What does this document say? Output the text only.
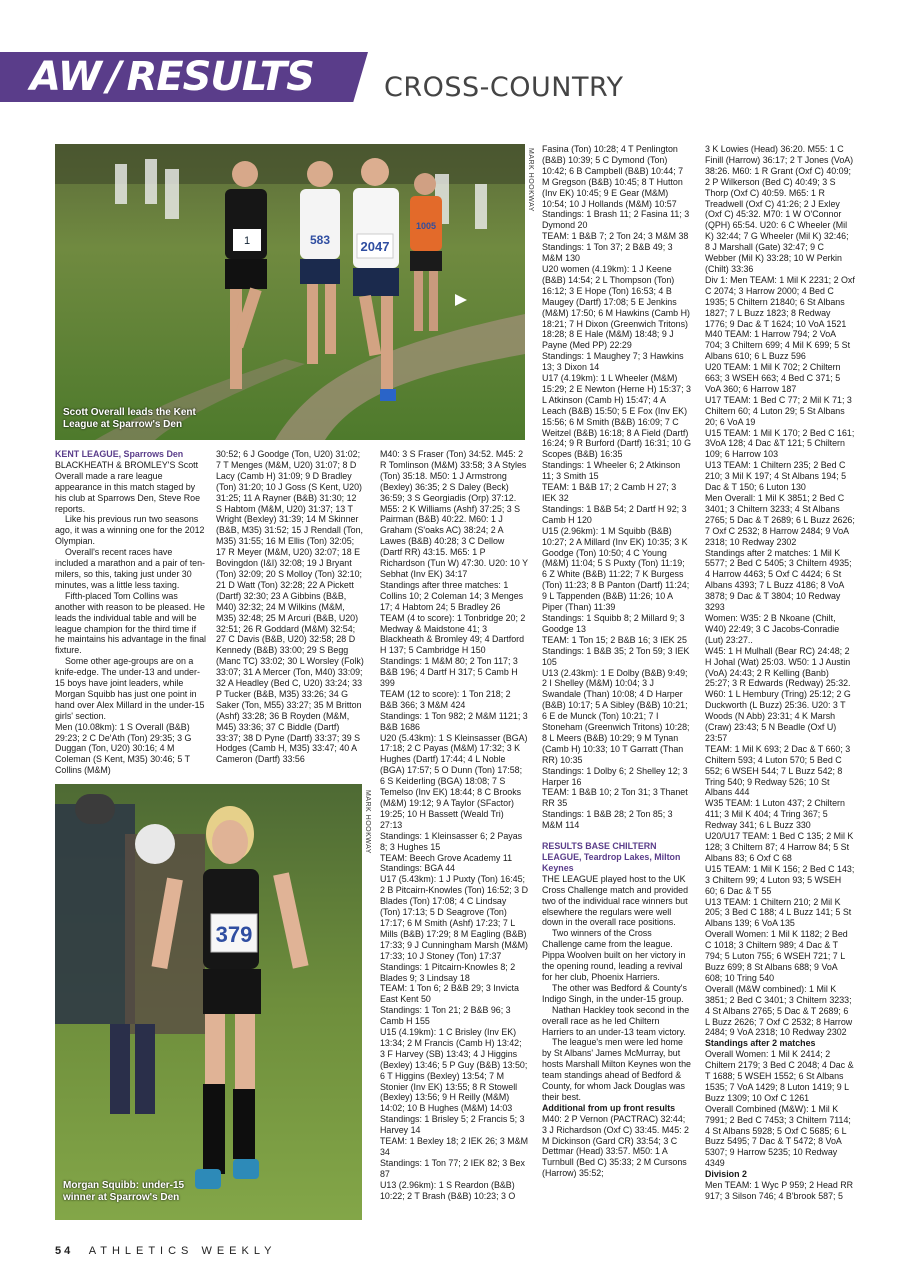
AW / RESULTS	CROSS-COUNTRY
1	583 2047
1005
Scott Overall leads the Kent League at Sparrow's Den
MARK HOOKWAY
379
Morgan Squibb: under-15 winner at Sparrow's Den
MARK HOOKWAY

KENT LEAGUE, Sparrows Den

BLACKHEATH & BROMLEY'S Scott Overall made a rare league appearance in this match staged by his club at Sparrows Den, Steve Roe reports.

Like his previous run two seasons ago, it was a winning one for the 2012 Olympian.

Overall's recent races have included a marathon and a pair of ten-milers, so this, taking just under 30 minutes, was a little less taxing.

Fifth-placed Tom Collins was another with reason to be pleased. He leads the individual table and will be league champion for the third time if he maintains his advantage in the final fixture.

Some other age-groups are on a knife-edge. The under-13 and under-15 boys have joint leaders, while Morgan Squibb has just one point in hand over Alex Millard in the under-15 girls' section.

Men (10.08km): 1 S Overall (B&B) 29:23; 2 C De'Ath (Ton) 29:35; 3 G Duggan (Ton, U20) 30:16; 4 M Coleman (S Kent, M35) 30:46; 5 T Collins (M&M)

30:52; 6 J Goodge (Ton, U20) 31:02; 7 T Menges (M&M, U20) 31:07; 8 D Lacy (Camb H) 31:09; 9 D Bradley (Ton) 31:20; 10 J Goss (S Kent, U20) 31:25; 11 A Rayner (B&B) 31:30; 12 S Habtom (M&M, U20) 31:37; 13 T Wright (Bexley) 31:39; 14 M Skinner (B&B, M35) 31:52; 15 J Rendall (Ton, M35) 31:55; 16 M Ellis (Ton) 32:05; 17 R Meyer (M&M, U20) 32:07; 18 E Bovingdon (I&I) 32:08; 19 J Bryant (Ton) 32:09; 20 S Molloy (Ton) 32:10; 21 D Watt (Ton) 32:28; 22 A Pickett (Dartf) 32:30; 23 A Gibbins (B&B, M40) 32:32; 24 M Wilkins (M&M, M35) 32:48; 25 M Arcuri (B&B, U20) 32:51; 26 R Goddard (M&M) 32:54; 27 C Davis (B&B, U20) 32:58; 28 D Kennedy (B&B) 33:00; 29 S Begg (Manc TC) 33:02; 30 L Worsley (Folk) 33:07; 31 A Mercer (Ton, M40) 33:09; 32 A Headley (Bed C, U20) 33:24; 33 P Tucker (B&B, M35) 33:26; 34 G Saker (Ton, M55) 33:27; 35 M Britton (Ashf) 33:28; 36 B Royden (M&M, M45) 33:36; 37 C Biddle (Dartf) 33:37; 38 D Pyne (Dartf) 33:37; 39 S Hodges (Camb H, M35) 33:47; 40 A Cameron (Dartf) 33:56

M40: 3 S Fraser (Ton) 34:52. M45: 2 R Tomlinson (M&M) 33:58; 3 A Styles (Ton) 35:18. M50: 1 J Armstrong (Bexley) 36:35; 2 S Daley (Beck) 36:59; 3 S Georgiadis (Orp) 37:12. M55: 2 K Williams (Ashf) 37:25; 3 S Pairman (B&B) 40:22. M60: 1 J Graham (S'oaks AC) 38:24; 2 A Lawes (B&B) 40:28; 3 C Dellow (Dartf RR) 43:15. M65: 1 P Richardson (Tun W) 47:30. U20: 10 Y Sebhat (Inv EK) 34:17

Standings after three matches: 1 Collins 10; 2 Coleman 14; 3 Menges 17; 4 Habtom 24; 5 Bradley 26

TEAM (4 to score): 1 Tonbridge 20; 2 Medway & Maidstone 41; 3 Blackheath & Bromley 49; 4 Dartford H 137; 5 Cambridge H 150

Standings: 1 M&M 80; 2 Ton 117; 3 B&B 196; 4 Dartf H 317; 5 Camb H 399

TEAM (12 to score): 1 Ton 218; 2 B&B 366; 3 M&M 424

Standings: 1 Ton 982; 2 M&M 1121; 3 B&B 1686

U20 (5.43km): 1 S Kleinsasser (BGA) 17:18; 2 C Payas (M&M) 17:32; 3 K Hughes (Dartf) 17:44; 4 L Noble (BGA) 17:57; 5 O Dunn (Ton) 17:58; 6 S Keiderling (BGA) 18:08; 7 S Temelso (Inv EK) 18:44; 8 C Brooks (M&M) 19:12; 9 A Taylor (SFactor) 19:25; 10 H Bassett (Weald Tri) 27:13

Standings: 1 Kleinsasser 6; 2 Payas 8; 3 Hughes 15

TEAM: Beech Grove Academy 11

Standings: BGA 44

U17 (5.43km): 1 J Puxty (Ton) 16:45; 2 B Pitcairn-Knowles (Ton) 16:52; 3 D Blades (Ton) 17:08; 4 C Lindsay (Ton) 17:13; 5 D Seagrove (Ton) 17:17; 6 M Smith (Ashf) 17:23; 7 L Mills (B&B) 17:29; 8 M Eagling (B&B) 17:33; 9 J Cunningham Marsh (M&M) 17:33; 10 J Stoney (Ton) 17:37

Standings: 1 Pitcairn-Knowles 8; 2 Blades 9; 3 Lindsay 18

TEAM: 1 Ton 6; 2 B&B 29; 3 Invicta East Kent 50

Standings: 1 Ton 21; 2 B&B 96; 3 Camb H 155

U15 (4.19km): 1 C Brisley (Inv EK) 13:34; 2 M Francis (Camb H) 13:42; 3 F Harvey (SB) 13:43; 4 J Higgins (Bexley) 13:46; 5 P Guy (B&B) 13:50; 6 T Higgins (Bexley) 13:54; 7 M Stonier (Inv EK) 13:55; 8 R Stowell (Bexley) 13:56; 9 H Reilly (M&M) 14:02; 10 B Hughes (M&M) 14:03

Standings: 1 Brisley 5; 2 Francis 5; 3 Harvey 14

TEAM: 1 Bexley 18; 2 IEK 26; 3 M&M 34

Standings: 1 Ton 77; 2 IEK 82; 3 Bex 87

U13 (2.96km): 1 S Reardon (B&B) 10:22; 2 T Brash (B&B) 10:23; 3 O

Fasina (Ton) 10:28; 4 T Penlington (B&B) 10:39; 5 C Dymond (Ton) 10:42; 6 B Campbell (B&B) 10:44; 7 M Gregson (B&B) 10:45; 8 T Hutton (Inv EK) 10:45; 9 E Gear (M&M) 10:54; 10 J Hollands (M&M) 10:57

Standings: 1 Brash 11; 2 Fasina 11; 3 Dymond 20

TEAM: 1 B&B 7; 2 Ton 24; 3 M&M 38

Standings: 1 Ton 37; 2 B&B 49; 3 M&M 130

U20 women (4.19km): 1 J Keene (B&B) 14:54; 2 L Thompson (Ton) 16:12; 3 E Hope (Ton) 16:53; 4 B Maugey (Dartf) 17:08; 5 E Jenkins (M&M) 17:50; 6 M Hawkins (Camb H) 18:21; 7 H Dixon (Greenwich Tritons) 18:28; 8 E Hale (M&M) 18:48; 9 J Payne (Med PP) 22:29

Standings: 1 Maughey 7; 3 Hawkins 13; 3 Dixon 14

U17 (4.19km): 1 L Wheeler (M&M) 15:29; 2 E Newton (Herne H) 15:37; 3 L Atkinson (Camb H) 15:47; 4 A Leach (B&B) 15:50; 5 E Fox (Inv EK) 15:56; 6 M Smith (B&B) 16:09; 7 C Weitzel (B&B) 16:18; 8 A Field (Dartf) 16:24; 9 R Burford (Dartf) 16:31; 10 G Scopes (B&B) 16:35

Standings: 1 Wheeler 6; 2 Atkinson 11; 3 Smith 15

TEAM: 1 B&B 17; 2 Camb H 27; 3 IEK 32

Standings: 1 B&B 54; 2 Dartf H 92; 3 Camb H 120

U15 (2.96km): 1 M Squibb (B&B) 10:27; 2 A Millard (Inv EK) 10:35; 3 K Goodge (Ton) 10:50; 4 C Young (M&M) 11:04; 5 S Puxty (Ton) 11:19; 6 Z White (B&B) 11:22; 7 K Burgess (Ton) 11:23; 8 B Panton (Dartf) 11:24; 9 L Tappenden (B&B) 11:26; 10 A Piper (Than) 11:39

Standings: 1 Squibb 8; 2 Millard 9; 3 Goodge 13

TEAM: 1 Ton 15; 2 B&B 16; 3 IEK 25

Standings: 1 B&B 35; 2 Ton 59; 3 IEK 105

U13 (2.43km): 1 E Dolby (B&B) 9:49; 2 I Shelley (M&M) 10:04; 3 J Swandale (Than) 10:08; 4 D Harper (B&B) 10:17; 5 A Sibley (B&B) 10:21; 6 E de Munck (Ton) 10:21; 7 I Stoneham (Greenwich Tritons) 10:28; 8 L Meers (B&B) 10:29; 9 M Tynan (Camb H) 10:33; 10 T Garratt (Than RR) 10:35

Standings: 1 Dolby 6; 2 Shelley 12; 3 Harper 16

TEAM: 1 B&B 10; 2 Ton 31; 3 Thanet RR 35

Standings: 1 B&B 28; 2 Ton 85; 3 M&M 114

RESULTS BASE CHILTERN LEAGUE, Teardrop Lakes, Milton Keynes

THE LEAGUE played host to the UK Cross Challenge match and provided two of the individual race winners but elsewhere the regulars were well down in the overall race positions.

Two winners of the Cross Challenge came from the league. Pippa Woolven built on her victory in the opening round, leading a revival for her club, Phoenix Harriers.

The other was Bedford & County's Indigo Singh, in the under-15 group.

Nathan Hackley took second in the overall race as he led Chiltern Harriers to an under-13 team victory.

The league's men were led home by St Albans' James McMurray, but hosts Marshall Milton Keynes won the team standings ahead of Bedford & County, for whom Jack Douglas was their best.

Additional from up front results

M40: 2 P Vernon (PACTRAC) 32:44; 3 J Richardson (Oxf C) 33:45. M45: 2 M Dickinson (Gard CR) 33:54; 3 C Dettmar (Head) 33:57. M50: 1 A Turnbull (Bed C) 35:33; 2 M Cursons (Harrow) 35:52;

3 K Lowies (Head) 36:20. M55: 1 C Finill (Harrow) 36:17; 2 T Jones (VoA) 38:26. M60: 1 R Grant (Oxf C) 40:09; 2 P Wilkerson (Bed C) 40:49; 3 S Thorp (Oxf C) 40:59. M65: 1 R Treadwell (Oxf C) 41:26; 2 J Exley (Oxf C) 45:32. M70: 1 W O'Connor (QPH) 65:54. U20: 6 C Wheeler (Mil K) 32:44; 7 G Wheeler (Mil K) 32:46; 8 J Marshall (Gate) 32:47; 9 C Webber (Mil K) 33:28; 10 W Perkin (Chilt) 33:36

Div 1: Men TEAM: 1 Mil K 2231; 2 Oxf C 2074; 3 Harrow 2000; 4 Bed C 1935; 5 Chiltern 21840; 6 St Albans 1827; 7 L Buzz 1823; 8 Redway 1776; 9 Dac & T 1624; 10 VoA 1521

M40 TEAM: 1 Harrow 794; 2 VoA 704; 3 Chiltern 699; 4 Mil K 699; 5 St Albans 610; 6 L Buzz 596

U20 TEAM: 1 Mil K 702; 2 Chiltern 663; 3 WSEH 663; 4 Bed C 371; 5 VoA 360; 6 Harrow 187

U17 TEAM: 1 Bed C 77; 2 Mil K 71; 3 Chiltern 60; 4 Luton 29; 5 St Albans 20; 6 VoA 19

U15 TEAM: 1 Mil K 170; 2 Bed C 161; 3VoA 128; 4 Dac &T 121; 5 Chiltern 109; 6 Harrow 103

U13 TEAM: 1 Chiltern 235; 2 Bed C 210; 3 Mil K 197; 4 St Albans 194; 5 Dac & T 150; 6 Luton 130

Men Overall: 1 Mil K 3851; 2 Bed C 3401; 3 Chiltern 3233; 4 St Albans 2765; 5 Dac & T 2689; 6 L Buzz 2626; 7 Oxf C 2532; 8 Harrow 2484; 9 VoA 2318; 10 Redway 2302

Standings after 2 matches: 1 Mil K 5577; 2 Bed C 5405; 3 Chiltern 4935; 4 Harrow 4463; 5 Oxf C 4424; 6 St Albans 4393; 7 L Buzz 4186; 8 VoA 3878; 9 Dac & T 3804; 10 Redway 3293

Women: W35: 2 B Nkoane (Chilt, W40) 22:49; 3 C Jacobs-Conradie (Lut) 23:27..

W45: 1 H Mulhall (Bear RC) 24:48; 2 H Johal (Wat) 25:03. W50: 1 J Austin (VoA) 24:43; 2 R Kelling (Banb) 25:27; 3 R Edwards (Redway) 25:32. W60: 1 L Hembury (Tring) 25:12; 2 G Duckworth (L Buzz) 25:36. U20: 3 T Woods (N Abb) 23:31; 4 K Marsh (Craw) 23:43; 5 N Beadle (Oxf U) 23:57

TEAM: 1 Mil K 693; 2 Dac & T 660; 3 Chiltern 593; 4 Luton 570; 5 Bed C 552; 6 WSEH 544; 7 L Buzz 542; 8 Tring 540; 9 Redway 526; 10 St Albans 444

W35 TEAM: 1 Luton 437; 2 Chiltern 411; 3 Mil K 404; 4 Tring 367; 5 Redway 341; 6 L Buzz 330

U20/U17 TEAM: 1 Bed C 135; 2 Mil K 128; 3 Chiltern 87; 4 Harrow 84; 5 St Albans 83; 6 Oxf C 68

U15 TEAM: 1 Mil K 156; 2 Bed C 143; 3 Chiltern 99; 4 Luton 93; 5 WSEH 60; 6 Dac & T 55

U13 TEAM: 1 Chiltern 210; 2 Mil K 205; 3 Bed C 188; 4 L Buzz 141; 5 St Albans 139; 6 VoA 135

Overall Women: 1 Mil K 1182; 2 Bed C 1018; 3 Chiltern 989; 4 Dac & T 794; 5 Luton 755; 6 WSEH 721; 7 L Buzz 699; 8 St Albans 688; 9 VoA 608; 10 Tring 540

Overall (M&W combined): 1 Mil K 3851; 2 Bed C 3401; 3 Chiltern 3233; 4 St Albans 2765; 5 Dac & T 2689; 6 L Buzz 2626; 7 Oxf C 2532; 8 Harrow 2484; 9 VoA 2318; 10 Redway 2302

Standings after 2 matches

Overall Women: 1 Mil K 2414; 2 Chiltern 2179; 3 Bed C 2048; 4 Dac & T 1688; 5 WSEH 1552; 6 St Albans 1535; 7 VoA 1429; 8 Luton 1419; 9 L Buzz 1309; 10 Oxf C 1261

Overall Combined (M&W): 1 Mil K 7991; 2 Bed C 7453; 3 Chiltern 7114; 4 St Albans 5928; 5 Oxf C 5685; 6 L Buzz 5495; 7 Dac & T 5472; 8 VoA 5307; 9 Harrow 5235; 10 Redway 4349

Division 2

Men TEAM: 1 Wyc P 959; 2 Head RR 917; 3 Silson 746; 4 B'brook 587; 5

54 ATHLETICS WEEKLY
